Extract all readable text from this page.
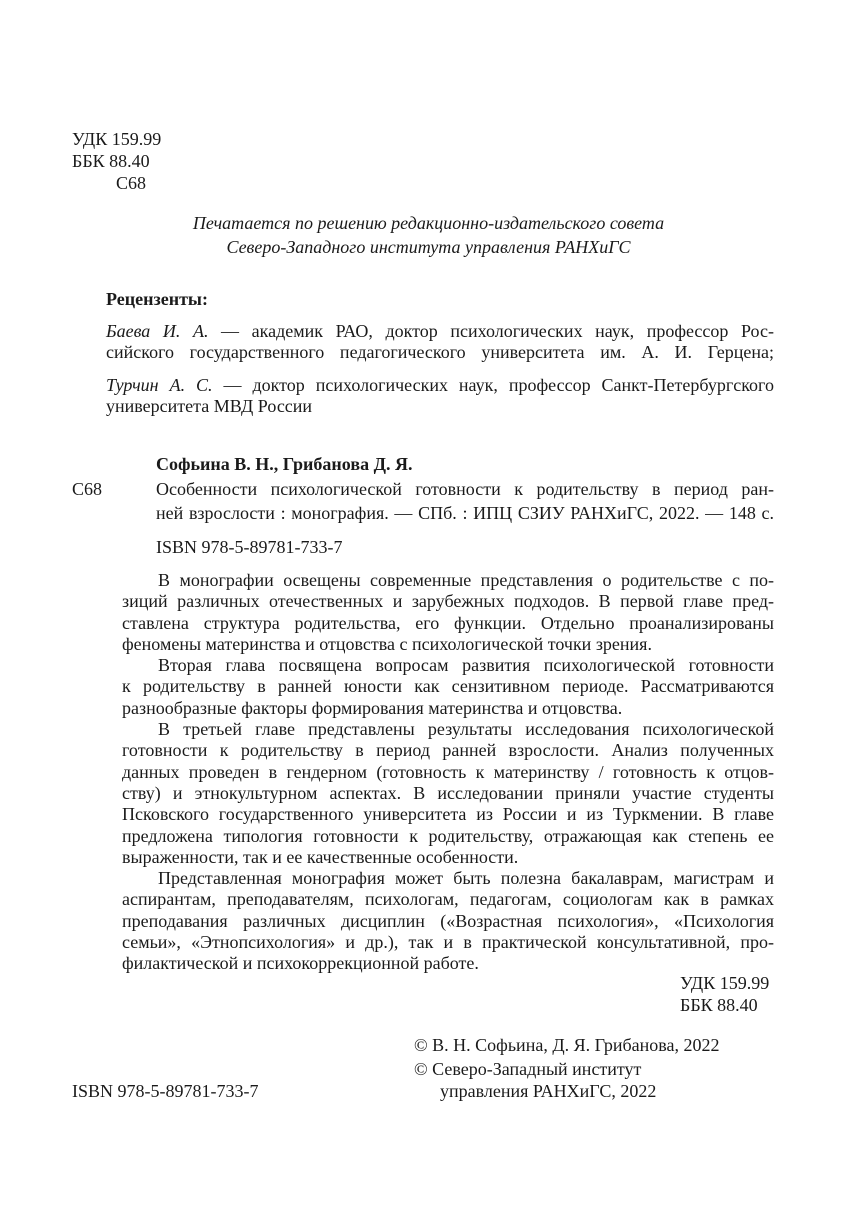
УДК 159.99
ББК 88.40
С68
Печатается по решению редакционно-издательского совета
Северо-Западного института управления РАНХиГС
Рецензенты:
Баева И. А. — академик РАО, доктор психологических наук, профессор Рос-
сийского государственного педагогического университета им. А. И. Герцена;
Турчин А. С. — доктор психологических наук, профессор Санкт-Петербургского
университета МВД России
Софьина В. Н., Грибанова Д. Я.
С68	Особенности психологической готовности к родительству в период ран-
ней взрослости : монография. — СПб. : ИПЦ СЗИУ РАНХиГС, 2022. — 148 с.
ISBN 978-5-89781-733-7
В монографии освещены современные представления о родительстве с по-
зиций различных отечественных и зарубежных подходов. В первой главе пред-
ставлена структура родительства, его функции. Отдельно проанализированы
феномены материнства и отцовства с психологической точки зрения.
Вторая глава посвящена вопросам развития психологической готовности
к родительству в ранней юности как сензитивном периоде. Рассматриваются
разнообразные факторы формирования материнства и отцовства.
В третьей главе представлены результаты исследования психологической
готовности к родительству в период ранней взрослости. Анализ полученных
данных проведен в гендерном (готовность к материнству / готовность к отцов-
ству) и этнокультурном аспектах. В исследовании приняли участие студенты
Псковского государственного университета из России и из Туркмении. В главе
предложена типология готовности к родительству, отражающая как степень ее
выраженности, так и ее качественные особенности.
Представленная монография может быть полезна бакалаврам, магистрам и
аспирантам, преподавателям, психологам, педагогам, социологам как в рамках
преподавания различных дисциплин («Возрастная психология», «Психология
семьи», «Этнопсихология» и др.), так и в практической консультативной, про-
филактической и психокоррекционной работе.
УДК 159.99
ББК 88.40
© В. Н. Софьина, Д. Я. Грибанова, 2022
© Северо-Западный институт
управления РАНХиГС, 2022
ISBN 978-5-89781-733-7
